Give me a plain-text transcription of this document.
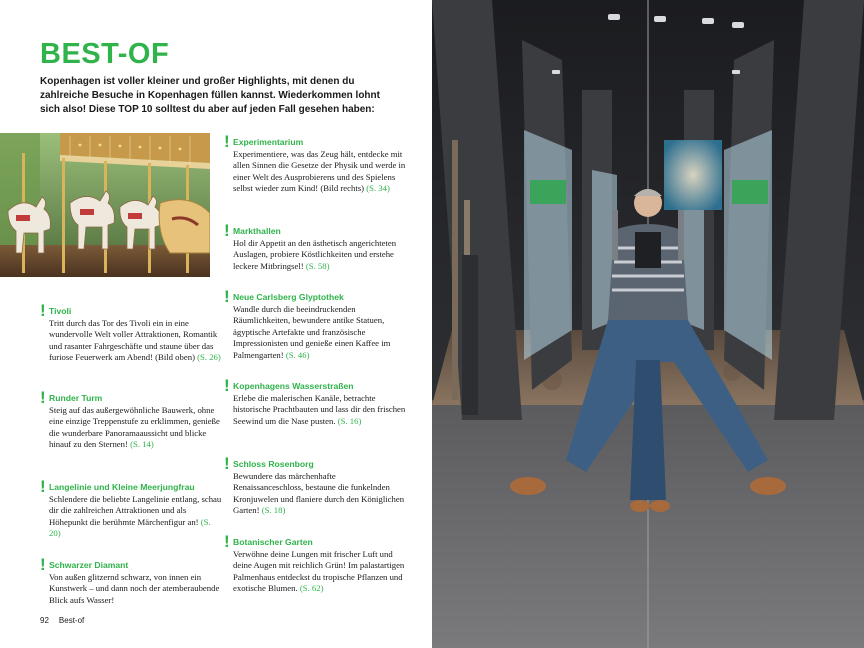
BEST-OF
Kopenhagen ist voller kleiner und großer Highlights, mit denen du zahlreiche Besuche in Kopenhagen füllen kannst. Wiederkommen lohnt sich also! Diese TOP 10 solltest du aber auf jeden Fall gesehen haben:
! Tivoli
Tritt durch das Tor des Tivoli ein in eine wundervolle Welt voller Attraktionen, Romantik und rasanter Fahrgeschäfte und staune über das furiose Feuerwerk am Abend! (Bild oben) (S. 26)
! Runder Turm
Steig auf das außergewöhnliche Bauwerk, ohne eine einzige Treppenstufe zu erklimmen, genieße die wunderbare Panoramaaussicht und blicke hinauf zu den Sternen! (S. 14)
! Langelinie und Kleine Meerjungfrau
Schlendere die beliebte Langelinie entlang, schau dir die zahlreichen Attraktionen und als Höhepunkt die berühmte Märchenfigur an! (S. 20)
! Schwarzer Diamant
Von außen glitzernd schwarz, von innen ein Kunstwerk – und dann noch der atemberaubende Blick aufs Wasser!
! Experimentarium
Experimentiere, was das Zeug hält, entdecke mit allen Sinnen die Gesetze der Physik und werde in einer Welt des Ausprobierens und des Spielens selbst wieder zum Kind! (Bild rechts) (S. 34)
! Markthallen
Hol dir Appetit an den ästhetisch angerichteten Auslagen, probiere Köstlichkeiten und erstehe leckere Mitbringsel! (S. 58)
! Neue Carlsberg Glyptothek
Wandle durch die beeindruckenden Räumlichkeiten, bewundere antike Statuen, ägyptische Artefakte und französische Impressionisten und genieße einen Kaffee im Palmengarten! (S. 46)
! Kopenhagens Wasserstraßen
Erlebe die malerischen Kanäle, betrachte historische Prachtbauten und lass dir den frischen Seewind um die Nase pusten. (S. 16)
! Schloss Rosenborg
Bewundere das märchenhafte Renaissanceschloss, bestaune die funkelnden Kronjuwelen und flaniere durch den Königlichen Garten! (S. 18)
! Botanischer Garten
Verwöhne deine Lungen mit frischer Luft und deine Augen mit reichlich Grün! Im palastartigen Palmenhaus entdeckst du tropische Pflanzen und exotische Blumen. (S. 62)
92 Best-of
